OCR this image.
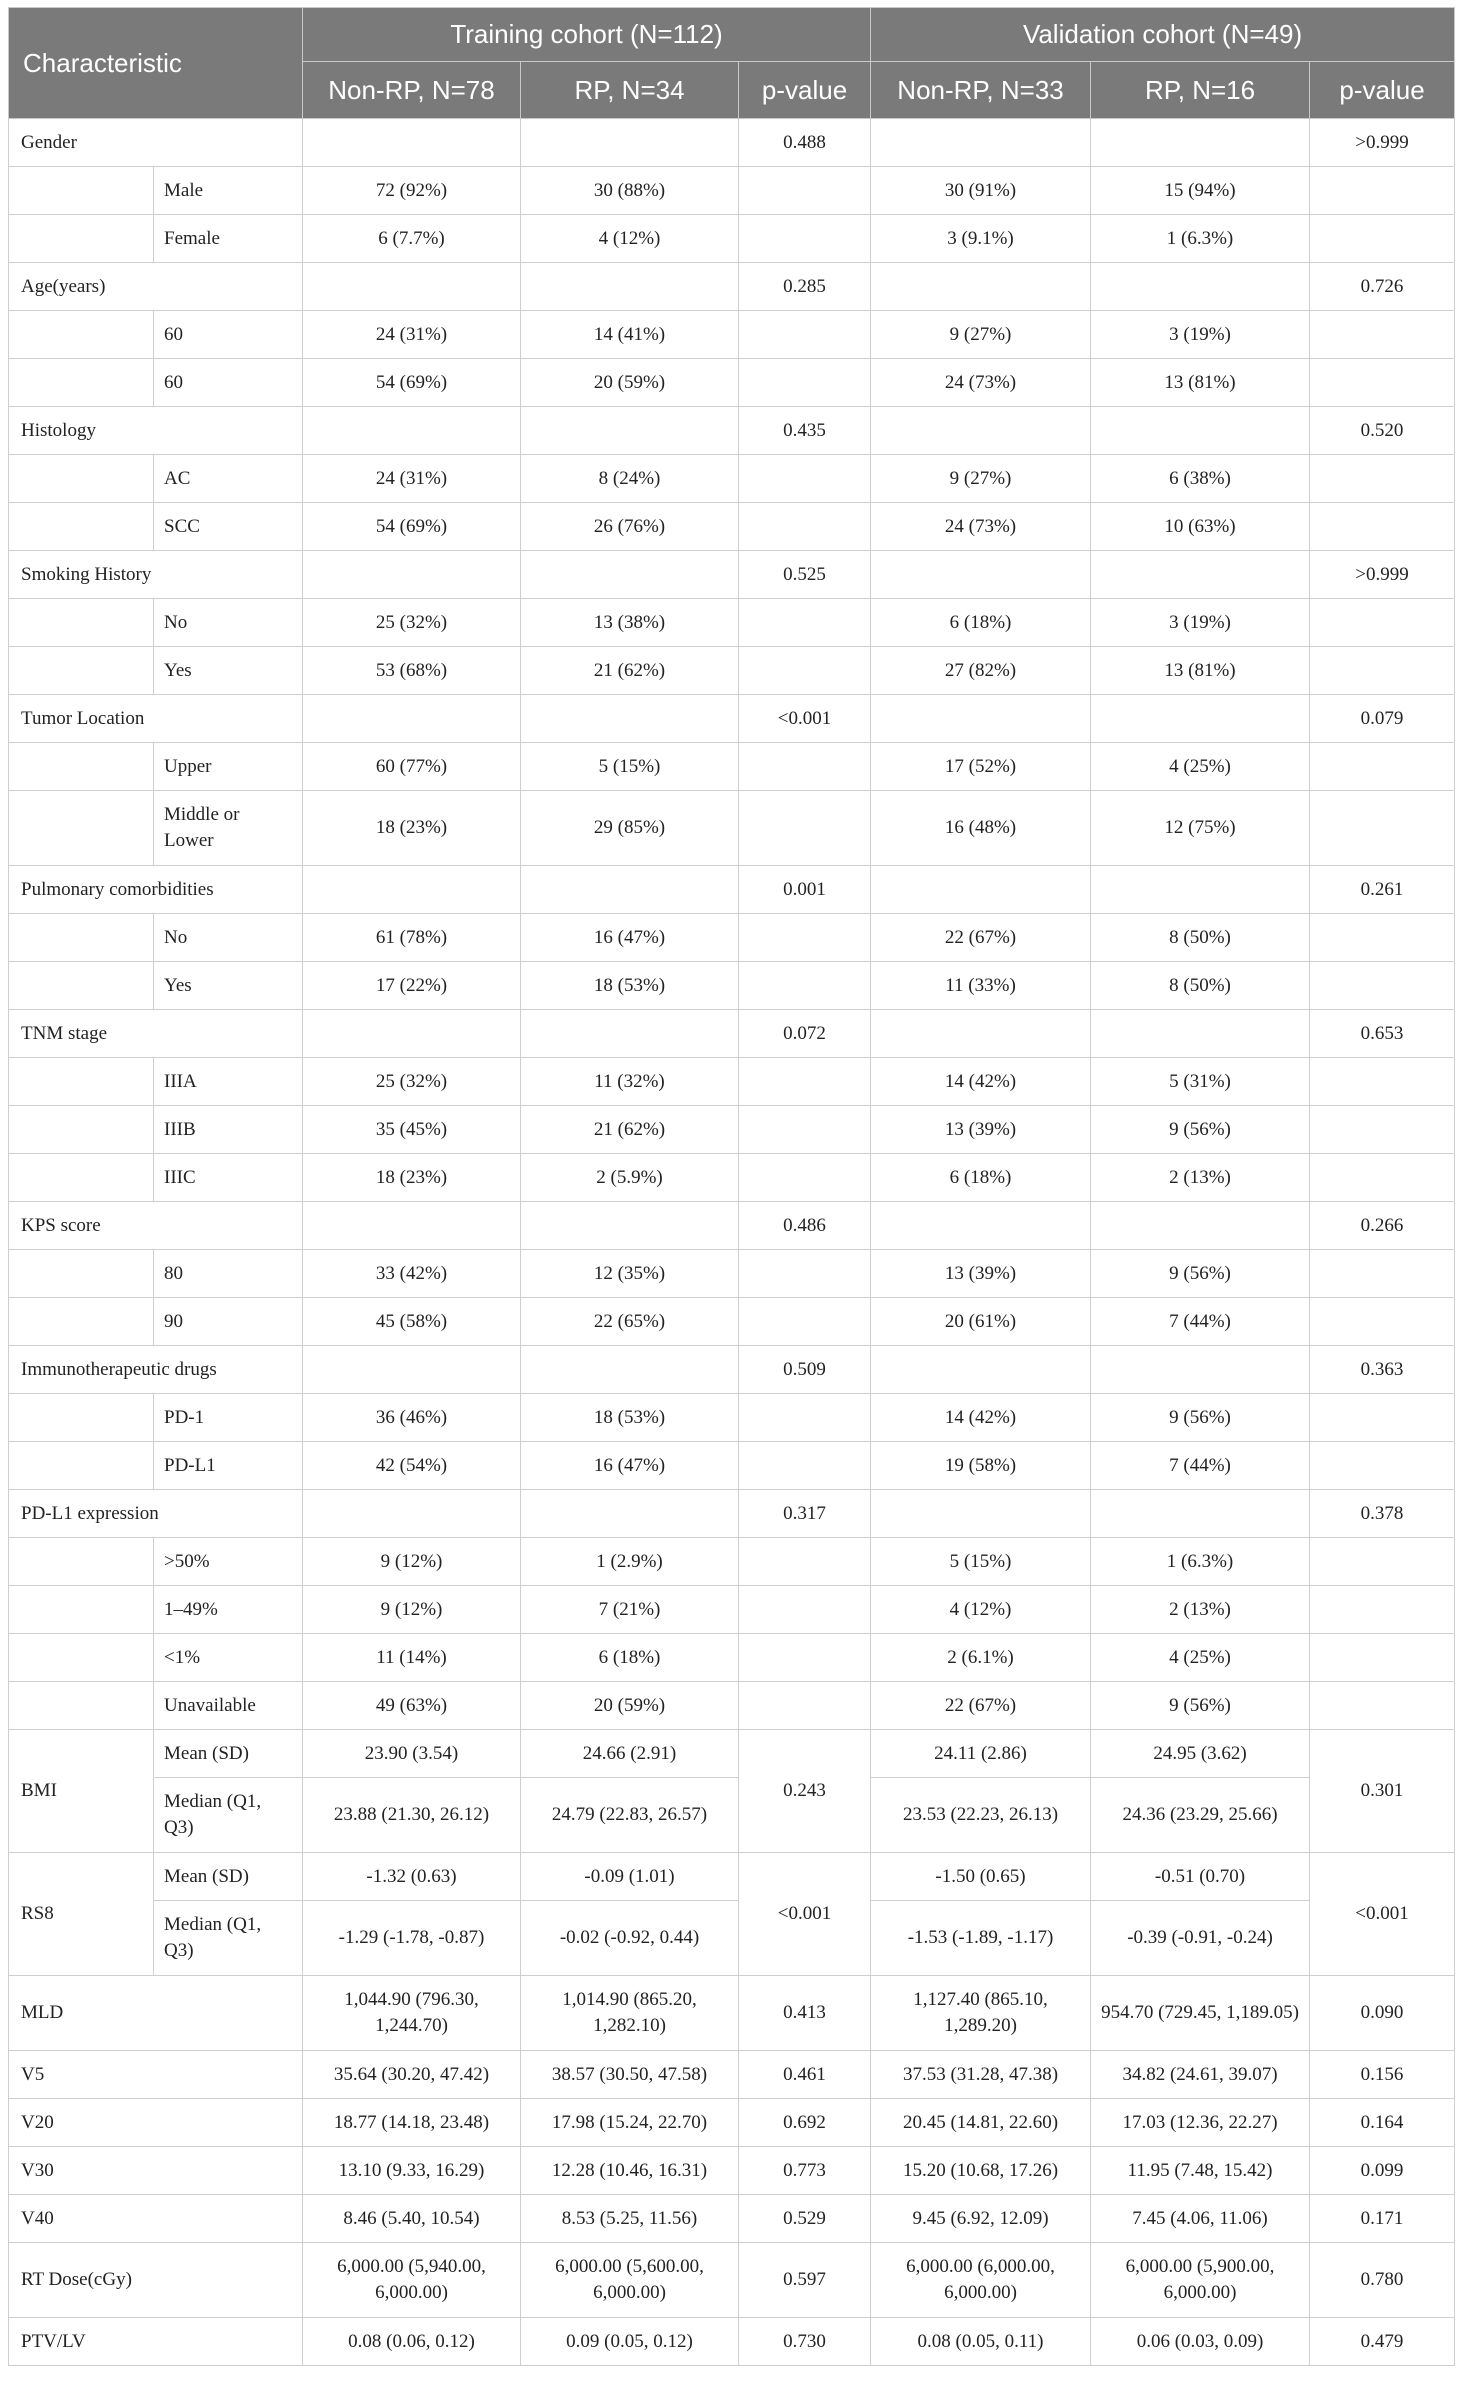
Characteristic		Training cohort (N=112)			Validation cohort (N=49)		
		Non-RP, N=78	RP, N=34	p-value	Non-RP, N=33	RP, N=16	p-value
Gender				0.488			>0.999
	Male	72 (92%)	30 (88%)		30 (91%)	15 (94%)	
	Female	6 (7.7%)	4 (12%)		3 (9.1%)	1 (6.3%)	
Age(years)				0.285			0.726
	60	24 (31%)	14 (41%)		9 (27%)	3 (19%)	
	60	54 (69%)	20 (59%)		24 (73%)	13 (81%)	
Histology				0.435			0.520
	AC	24 (31%)	8 (24%)		9 (27%)	6 (38%)	
	SCC	54 (69%)	26 (76%)		24 (73%)	10 (63%)	
Smoking History				0.525			>0.999
	No	25 (32%)	13 (38%)		6 (18%)	3 (19%)	
	Yes	53 (68%)	21 (62%)		27 (82%)	13 (81%)	
Tumor Location				<0.001			0.079
	Upper	60 (77%)	5 (15%)		17 (52%)	4 (25%)	
	Middle or Lower	18 (23%)	29 (85%)		16 (48%)	12 (75%)	
Pulmonary comorbidities				0.001			0.261
	No	61 (78%)	16 (47%)		22 (67%)	8 (50%)	
	Yes	17 (22%)	18 (53%)		11 (33%)	8 (50%)	
TNM stage				0.072			0.653
	IIIA	25 (32%)	11 (32%)		14 (42%)	5 (31%)	
	IIIB	35 (45%)	21 (62%)		13 (39%)	9 (56%)	
	IIIC	18 (23%)	2 (5.9%)		6 (18%)	2 (13%)	
KPS score				0.486			0.266
	80	33 (42%)	12 (35%)		13 (39%)	9 (56%)	
	90	45 (58%)	22 (65%)		20 (61%)	7 (44%)	
Immunotherapeutic drugs				0.509			0.363
	PD-1	36 (46%)	18 (53%)		14 (42%)	9 (56%)	
	PD-L1	42 (54%)	16 (47%)		19 (58%)	7 (44%)	
PD-L1 expression				0.317			0.378
	>50%	9 (12%)	1 (2.9%)		5 (15%)	1 (6.3%)	
	1–49%	9 (12%)	7 (21%)		4 (12%)	2 (13%)	
	<1%	11 (14%)	6 (18%)		2 (6.1%)	4 (25%)	
	Unavailable	49 (63%)	20 (59%)		22 (67%)	9 (56%)	
BMI	Mean (SD)	23.90 (3.54)	24.66 (2.91)	0.243	24.11 (2.86)	24.95 (3.62)	0.301
	Median (Q1, Q3)	23.88 (21.30, 26.12)	24.79 (22.83, 26.57)		23.53 (22.23, 26.13)	24.36 (23.29, 25.66)	
RS8	Mean (SD)	-1.32 (0.63)	-0.09 (1.01)	<0.001	-1.50 (0.65)	-0.51 (0.70)	<0.001
	Median (Q1, Q3)	-1.29 (-1.78, -0.87)	-0.02 (-0.92, 0.44)		-1.53 (-1.89, -1.17)	-0.39 (-0.91, -0.24)	
MLD		1,044.90 (796.30, 1,244.70)	1,014.90 (865.20, 1,282.10)	0.413	1,127.40 (865.10, 1,289.20)	954.70 (729.45, 1,189.05)	0.090
V5		35.64 (30.20, 47.42)	38.57 (30.50, 47.58)	0.461	37.53 (31.28, 47.38)	34.82 (24.61, 39.07)	0.156
V20		18.77 (14.18, 23.48)	17.98 (15.24, 22.70)	0.692	20.45 (14.81, 22.60)	17.03 (12.36, 22.27)	0.164
V30		13.10 (9.33, 16.29)	12.28 (10.46, 16.31)	0.773	15.20 (10.68, 17.26)	11.95 (7.48, 15.42)	0.099
V40		8.46 (5.40, 10.54)	8.53 (5.25, 11.56)	0.529	9.45 (6.92, 12.09)	7.45 (4.06, 11.06)	0.171
RT Dose(cGy)		6,000.00 (5,940.00, 6,000.00)	6,000.00 (5,600.00, 6,000.00)	0.597	6,000.00 (6,000.00, 6,000.00)	6,000.00 (5,900.00, 6,000.00)	0.780
PTV/LV		0.08 (0.06, 0.12)	0.09 (0.05, 0.12)	0.730	0.08 (0.05, 0.11)	0.06 (0.03, 0.09)	0.479
